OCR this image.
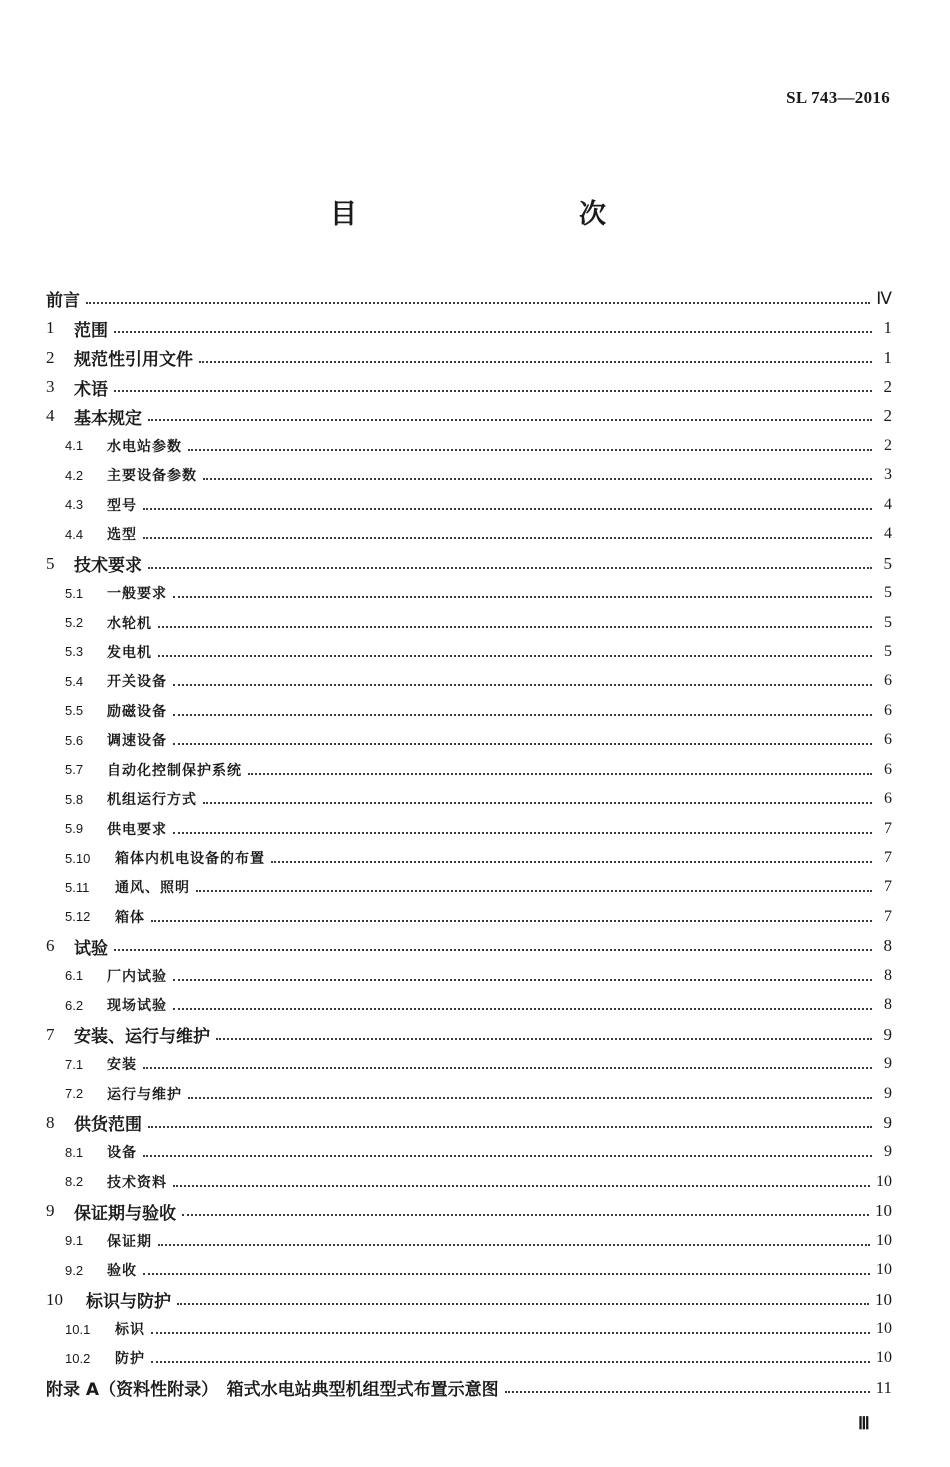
SL 743—2016
目　　次
前言	Ⅳ
1	范围	1
2	规范性引用文件	1
3	术语	2
4	基本规定	2
4.1	水电站参数	2
4.2	主要设备参数	3
4.3	型号	4
4.4	选型	4
5	技术要求	5
5.1	一般要求	5
5.2	水轮机	5
5.3	发电机	5
5.4	开关设备	6
5.5	励磁设备	6
5.6	调速设备	6
5.7	自动化控制保护系统	6
5.8	机组运行方式	6
5.9	供电要求	7
5.10	箱体内机电设备的布置	7
5.11	通风、照明	7
5.12	箱体	7
6	试验	8
6.1	厂内试验	8
6.2	现场试验	8
7	安装、运行与维护	9
7.1	安装	9
7.2	运行与维护	9
8	供货范围	9
8.1	设备	9
8.2	技术资料	10
9	保证期与验收	10
9.1	保证期	10
9.2	验收	10
10	标识与防护	10
10.1	标识	10
10.2	防护	10
附录 A（资料性附录）　箱式水电站典型机组型式布置示意图	11
Ⅲ
